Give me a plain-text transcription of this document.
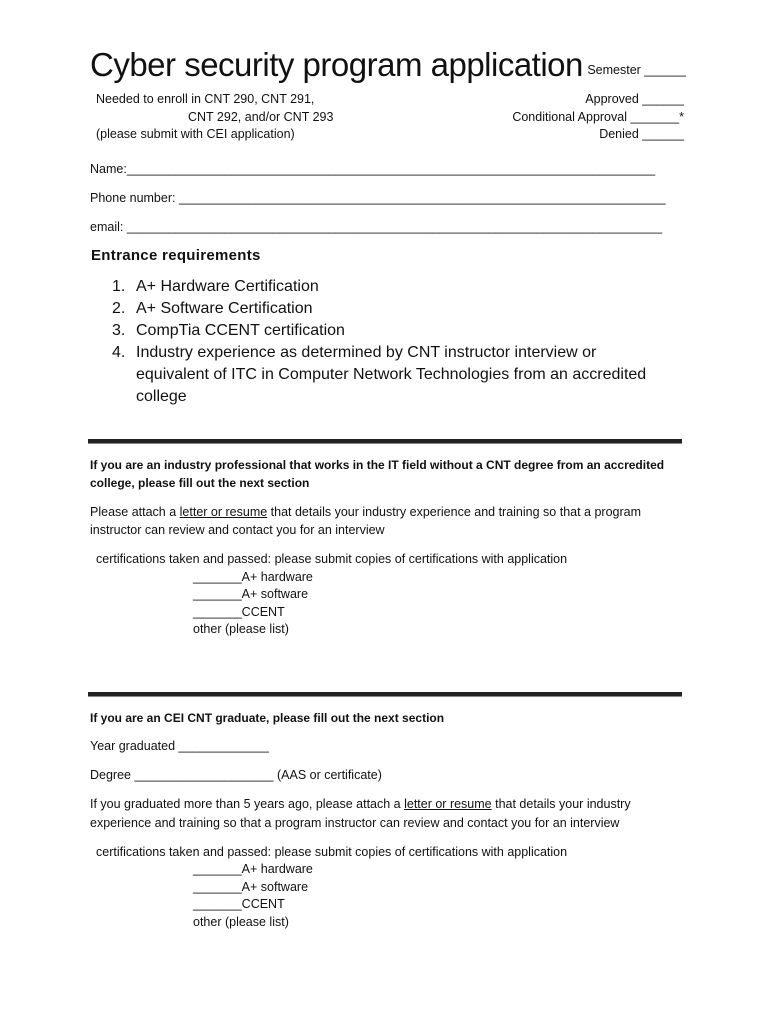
Cyber security program application Semester ______
Needed to enroll in CNT 290, CNT 291,
CNT 292, and/or CNT 293
(please submit with CEI application)
Approved ______
Conditional Approval _______*
Denied ______
Name:____________________________________________________________________________
Phone number: ______________________________________________________________________
email: _____________________________________________________________________________
Entrance requirements
1. A+ Hardware Certification
2. A+ Software Certification
3. CompTia CCENT certification
4. Industry experience as determined by CNT instructor interview or equivalent of ITC in Computer Network Technologies from an accredited college
If you are an industry professional that works in the IT field without a CNT degree from an accredited
college, please fill out the next section
Please attach a letter or resume that details your industry experience and training so that a program
instructor can review and contact you for an interview
certifications taken and passed: please submit copies of certifications with application
_______A+ hardware
_______A+ software
_______CCENT
other (please list)
If you are an CEI CNT graduate, please fill out the next section
Year graduated _____________
Degree ____________________ (AAS or certificate)
If you graduated more than 5 years ago, please attach a letter or resume that details your industry
experience and training so that a program instructor can review and contact you for an interview
certifications taken and passed: please submit copies of certifications with application
_______A+ hardware
_______A+ software
_______CCENT
other (please list)
